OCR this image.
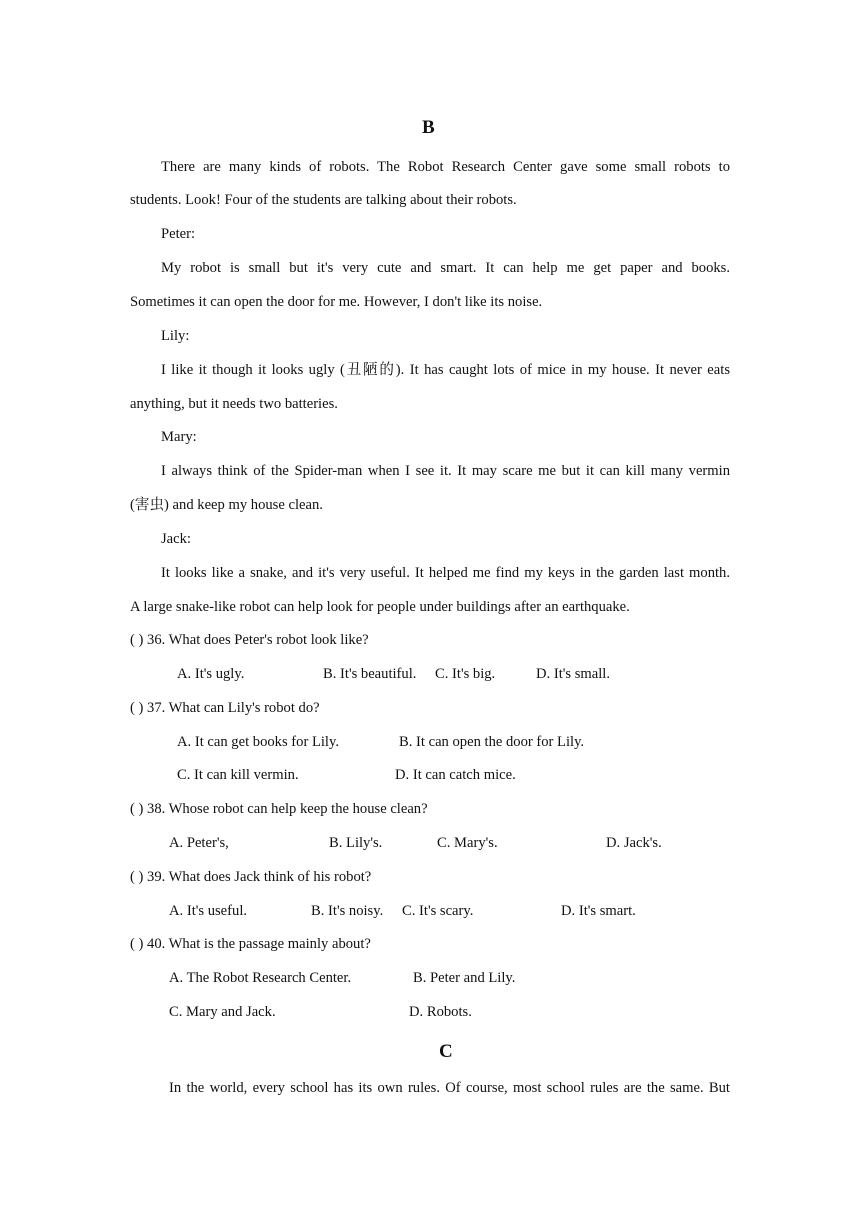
B
There are many kinds of robots. The Robot Research Center gave some small robots to
students. Look! Four of the students are talking about their robots.
Peter:
My robot is small but it's very cute and smart. It can help me get paper and books.
Sometimes it can open the door for me. However, I don't like its noise.
Lily:
I like it though it looks ugly (丑陋的). It has caught lots of mice in my house. It never eats
anything, but it needs two batteries.
Mary:
I always think of the Spider-man when I see it. It may scare me but it can kill many vermin
(害虫) and keep my house clean.
Jack:
It looks like a snake, and it's very useful. It helped me find my keys in the garden last month.
A large snake-like robot can help look for people under buildings after an earthquake.
( ) 36. What does Peter's robot look like?
A. It's ugly.	B. It's beautiful. C. It's big.	D. It's small.
( ) 37. What can Lily's robot do?
A. It can get books for Lily.	B. It can open the door for Lily.
C. It can kill vermin.	D. It can catch mice.
( ) 38. Whose robot can help keep the house clean?
A. Peter's,	B. Lily's.	C. Mary's.	D. Jack's.
( ) 39. What does Jack think of his robot?
A. It's useful.	B. It's noisy. C. It's scary.	D. It's smart.
( ) 40. What is the passage mainly about?
A. The Robot Research Center.	B. Peter and Lily.
C. Mary and Jack.	D. Robots.
C
In the world, every school has its own rules. Of course, most school rules are the same. But
